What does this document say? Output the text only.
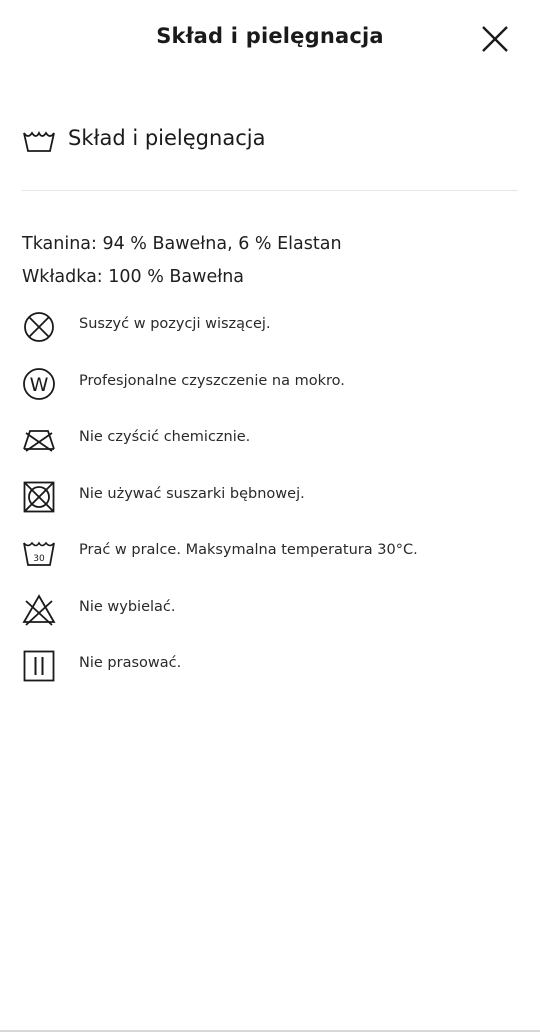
Skład i pielęgnacja
Skład i pielęgnacja
Tkanina: 94 % Bawełna, 6 % Elastan
Wkładka: 100 % Bawełna
Suszyć w pozycji wiszącej.
W Profesjonalne czyszczenie na mokro.
Nie czyścić chemicznie.
Nie używać suszarki bębnowej.
30
Prać w pralce. Maksymalna temperatura 30°C.
Nie wybielać.
Nie prasować.
